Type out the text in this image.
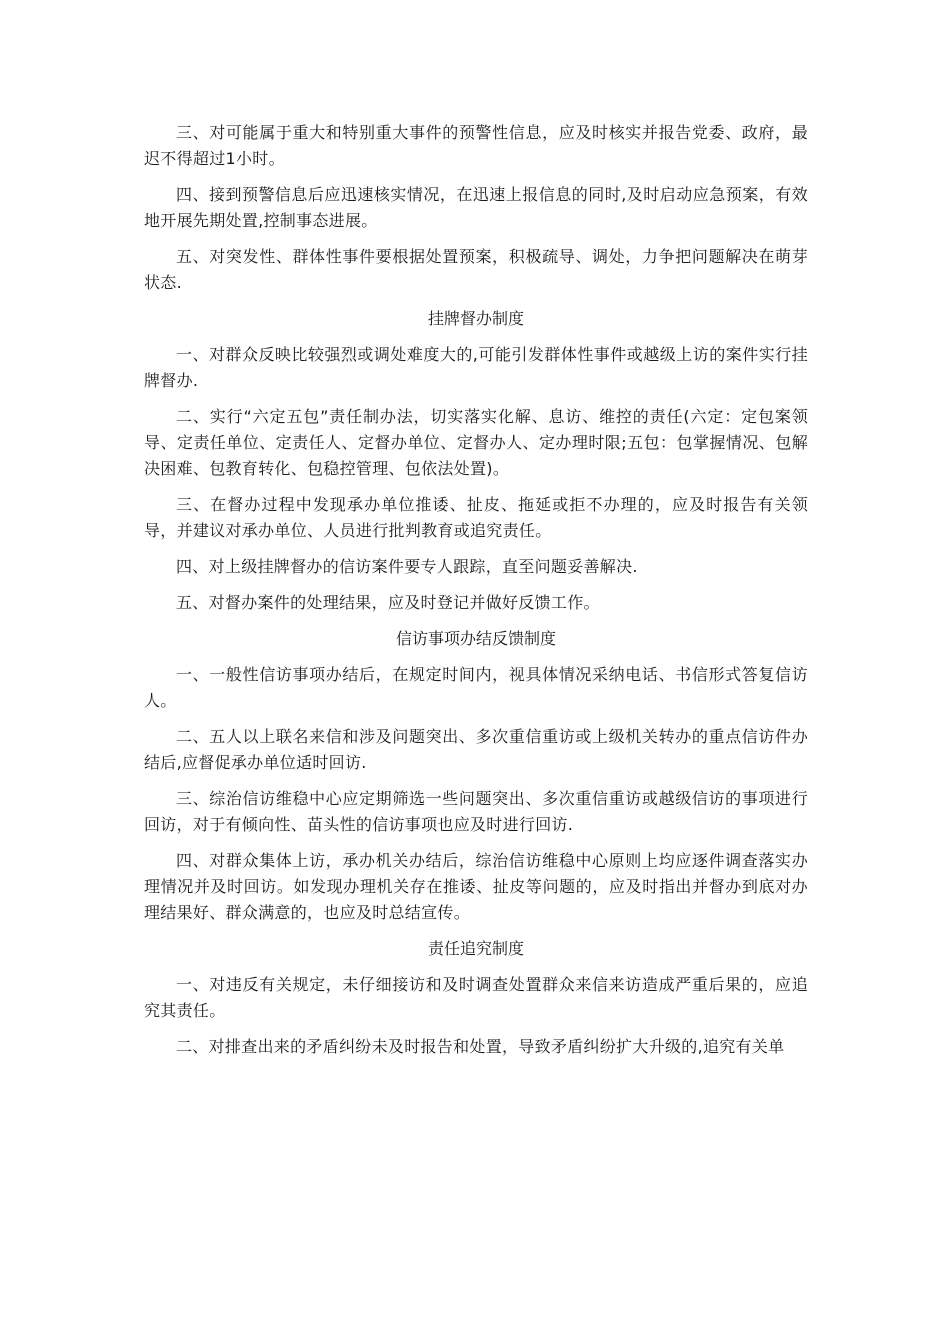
三、对可能属于重大和特别重大事件的预警性信息，应及时核实并报告党委、政府，最迟不得超过1小时。

四、接到预警信息后应迅速核实情况，在迅速上报信息的同时,及时启动应急预案，有效地开展先期处置,控制事态进展。

五、对突发性、群体性事件要根据处置预案，积极疏导、调处，力争把问题解决在萌芽状态.

挂牌督办制度

一、对群众反映比较强烈或调处难度大的,可能引发群体性事件或越级上访的案件实行挂牌督办.

二、实行“六定五包”责任制办法，切实落实化解、息访、维控的责任(六定：定包案领导、定责任单位、定责任人、定督办单位、定督办人、定办理时限;五包：包掌握情况、包解决困难、包教育转化、包稳控管理、包依法处置)。

三、在督办过程中发现承办单位推诿、扯皮、拖延或拒不办理的，应及时报告有关领导，并建议对承办单位、人员进行批判教育或追究责任。

四、对上级挂牌督办的信访案件要专人跟踪，直至问题妥善解决.

五、对督办案件的处理结果，应及时登记并做好反馈工作。

信访事项办结反馈制度

一、一般性信访事项办结后，在规定时间内，视具体情况采纳电话、书信形式答复信访人。

二、五人以上联名来信和涉及问题突出、多次重信重访或上级机关转办的重点信访件办结后,应督促承办单位适时回访.

三、综治信访维稳中心应定期筛选一些问题突出、多次重信重访或越级信访的事项进行回访，对于有倾向性、苗头性的信访事项也应及时进行回访.

四、对群众集体上访，承办机关办结后，综治信访维稳中心原则上均应逐件调查落实办理情况并及时回访。如发现办理机关存在推诿、扯皮等问题的，应及时指出并督办到底对办理结果好、群众满意的，也应及时总结宣传。

责任追究制度

一、对违反有关规定，未仔细接访和及时调查处置群众来信来访造成严重后果的，应追究其责任。

二、对排查出来的矛盾纠纷未及时报告和处置，导致矛盾纠纷扩大升级的,追究有关单
